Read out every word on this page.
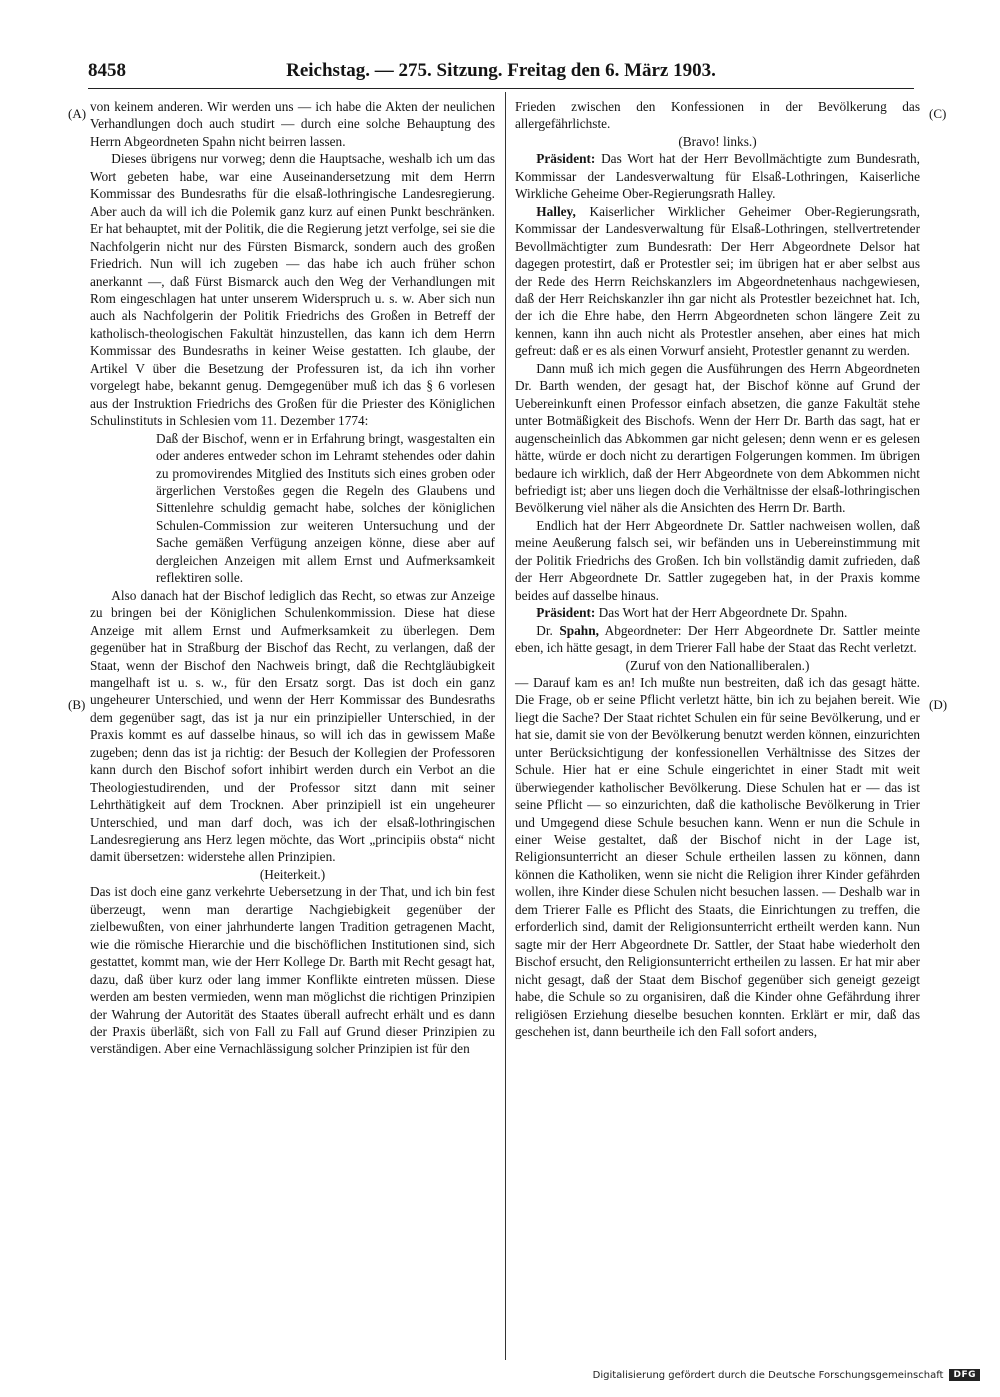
8458	Reichstag. — 275. Sitzung. Freitag den 6. März 1903.
(A)
(B)
(C)
(D)

von keinem anderen. Wir werden uns — ich habe die Akten der neulichen Verhandlungen doch auch studirt — durch eine solche Behauptung des Herrn Abgeordneten Spahn nicht beirren lassen.

Dieses übrigens nur vorweg; denn die Hauptsache, weshalb ich um das Wort gebeten habe, war eine Auseinandersetzung mit dem Herrn Kommissar des Bundesraths für die elsaß-lothringische Landesregierung. Aber auch da will ich die Polemik ganz kurz auf einen Punkt beschränken. Er hat behauptet, mit der Politik, die die Regierung jetzt verfolge, sei sie die Nachfolgerin nicht nur des Fürsten Bismarck, sondern auch des großen Friedrich. Nun will ich zugeben — das habe ich auch früher schon anerkannt —, daß Fürst Bismarck auch den Weg der Verhandlungen mit Rom eingeschlagen hat unter unserem Widerspruch u. s. w. Aber sich nun auch als Nachfolgerin der Politik Friedrichs des Großen in Betreff der katholisch-theologischen Fakultät hinzustellen, das kann ich dem Herrn Kommissar des Bundesraths in keiner Weise gestatten. Ich glaube, der Artikel V über die Besetzung der Professuren ist, da ich ihn vorher vorgelegt habe, bekannt genug. Demgegenüber muß ich das § 6 vorlesen aus der Instruktion Friedrichs des Großen für die Priester des Königlichen Schulinstituts in Schlesien vom 11. Dezember 1774:

Daß der Bischof, wenn er in Erfahrung bringt, wasgestalten ein oder anderes entweder schon im Lehramt stehendes oder dahin zu promovirendes Mitglied des Instituts sich eines groben oder ärgerlichen Verstoßes gegen die Regeln des Glaubens und Sittenlehre schuldig gemacht habe, solches der königlichen Schulen-Commission zur weiteren Untersuchung und der Sache gemäßen Verfügung anzeigen könne, diese aber auf dergleichen Anzeigen mit allem Ernst und Aufmerksamkeit reflektiren solle.

Also danach hat der Bischof lediglich das Recht, so etwas zur Anzeige zu bringen bei der Königlichen Schulenkommission. Diese hat diese Anzeige mit allem Ernst und Aufmerksamkeit zu überlegen. Dem gegenüber hat in Straßburg der Bischof das Recht, zu verlangen, daß der Staat, wenn der Bischof den Nachweis bringt, daß die Rechtgläubigkeit mangelhaft ist u. s. w., für den Ersatz sorgt. Das ist doch ein ganz ungeheurer Unterschied, und wenn der Herr Kommissar des Bundesraths dem gegenüber sagt, das ist ja nur ein prinzipieller Unterschied, in der Praxis kommt es auf dasselbe hinaus, so will ich das in gewissem Maße zugeben; denn das ist ja richtig: der Besuch der Kollegien der Professoren kann durch den Bischof sofort inhibirt werden durch ein Verbot an die Theologiestudirenden, und der Professor sitzt dann mit seiner Lehrthätigkeit auf dem Trocknen. Aber prinzipiell ist ein ungeheurer Unterschied, und man darf doch, was ich der elsaß-lothringischen Landesregierung ans Herz legen möchte, das Wort „principiis obsta“ nicht damit übersetzen: widerstehe allen Prinzipien.

(Heiterkeit.)

Das ist doch eine ganz verkehrte Uebersetzung in der That, und ich bin fest überzeugt, wenn man derartige Nachgiebigkeit gegenüber der zielbewußten, von einer jahrhunderte langen Tradition getragenen Macht, wie die römische Hierarchie und die bischöflichen Institutionen sind, sich gestattet, kommt man, wie der Herr Kollege Dr. Barth mit Recht gesagt hat, dazu, daß über kurz oder lang immer Konflikte eintreten müssen. Diese werden am besten vermieden, wenn man möglichst die richtigen Prinzipien der Wahrung der Autorität des Staates überall aufrecht erhält und es dann der Praxis überläßt, sich von Fall zu Fall auf Grund dieser Prinzipien zu verständigen. Aber eine Vernachlässigung solcher Prinzipien ist für den

Frieden zwischen den Konfessionen in der Bevölkerung das allergefährlichste.

(Bravo! links.)

Präsident: Das Wort hat der Herr Bevollmächtigte zum Bundesrath, Kommissar der Landesverwaltung für Elsaß-Lothringen, Kaiserliche Wirkliche Geheime Ober-Regierungsrath Halley.

Halley, Kaiserlicher Wirklicher Geheimer Ober-Regierungsrath, Kommissar der Landesverwaltung für Elsaß-Lothringen, stellvertretender Bevollmächtigter zum Bundesrath: Der Herr Abgeordnete Delsor hat dagegen protestirt, daß er Protestler sei; im übrigen hat er aber selbst aus der Rede des Herrn Reichskanzlers im Abgeordnetenhaus nachgewiesen, daß der Herr Reichskanzler ihn gar nicht als Protestler bezeichnet hat. Ich, der ich die Ehre habe, den Herrn Abgeordneten schon längere Zeit zu kennen, kann ihn auch nicht als Protestler ansehen, aber eines hat mich gefreut: daß er es als einen Vorwurf ansieht, Protestler genannt zu werden.

Dann muß ich mich gegen die Ausführungen des Herrn Abgeordneten Dr. Barth wenden, der gesagt hat, der Bischof könne auf Grund der Uebereinkunft einen Professor einfach absetzen, die ganze Fakultät stehe unter Botmäßigkeit des Bischofs. Wenn der Herr Dr. Barth das sagt, hat er augenscheinlich das Abkommen gar nicht gelesen; denn wenn er es gelesen hätte, würde er doch nicht zu derartigen Folgerungen kommen. Im übrigen bedaure ich wirklich, daß der Herr Abgeordnete von dem Abkommen nicht befriedigt ist; aber uns liegen doch die Verhältnisse der elsaß-lothringischen Bevölkerung viel näher als die Ansichten des Herrn Dr. Barth.

Endlich hat der Herr Abgeordnete Dr. Sattler nachweisen wollen, daß meine Aeußerung falsch sei, wir befänden uns in Uebereinstimmung mit der Politik Friedrichs des Großen. Ich bin vollständig damit zufrieden, daß der Herr Abgeordnete Dr. Sattler zugegeben hat, in der Praxis komme beides auf dasselbe hinaus.

Präsident: Das Wort hat der Herr Abgeordnete Dr. Spahn.

Dr. Spahn, Abgeordneter: Der Herr Abgeordnete Dr. Sattler meinte eben, ich hätte gesagt, in dem Trierer Fall habe der Staat das Recht verletzt.

(Zuruf von den Nationalliberalen.)

— Darauf kam es an! Ich mußte nun bestreiten, daß ich das gesagt hätte. Die Frage, ob er seine Pflicht verletzt hätte, bin ich zu bejahen bereit. Wie liegt die Sache? Der Staat richtet Schulen ein für seine Bevölkerung, und er hat sie, damit sie von der Bevölkerung benutzt werden können, einzurichten unter Berücksichtigung der konfessionellen Verhältnisse des Sitzes der Schule. Hier hat er eine Schule eingerichtet in einer Stadt mit weit überwiegender katholischer Bevölkerung. Diese Schulen hat er — das ist seine Pflicht — so einzurichten, daß die katholische Bevölkerung in Trier und Umgegend diese Schule besuchen kann. Wenn er nun die Schule in einer Weise gestaltet, daß der Bischof nicht in der Lage ist, Religionsunterricht an dieser Schule ertheilen lassen zu können, dann können die Katholiken, wenn sie nicht die Religion ihrer Kinder gefährden wollen, ihre Kinder diese Schulen nicht besuchen lassen. — Deshalb war in dem Trierer Falle es Pflicht des Staats, die Einrichtungen zu treffen, die erforderlich sind, damit der Religionsunterricht ertheilt werden kann. Nun sagte mir der Herr Abgeordnete Dr. Sattler, der Staat habe wiederholt den Bischof ersucht, den Religionsunterricht ertheilen zu lassen. Er hat mir aber nicht gesagt, daß der Staat dem Bischof gegenüber sich geneigt gezeigt habe, die Schule so zu organisiren, daß die Kinder ohne Gefährdung ihrer religiösen Erziehung dieselbe besuchen konnten. Erklärt er mir, daß das geschehen ist, dann beurtheile ich den Fall sofort anders,

Digitalisierung gefördert durch die Deutsche Forschungsgemeinschaft	DFG
